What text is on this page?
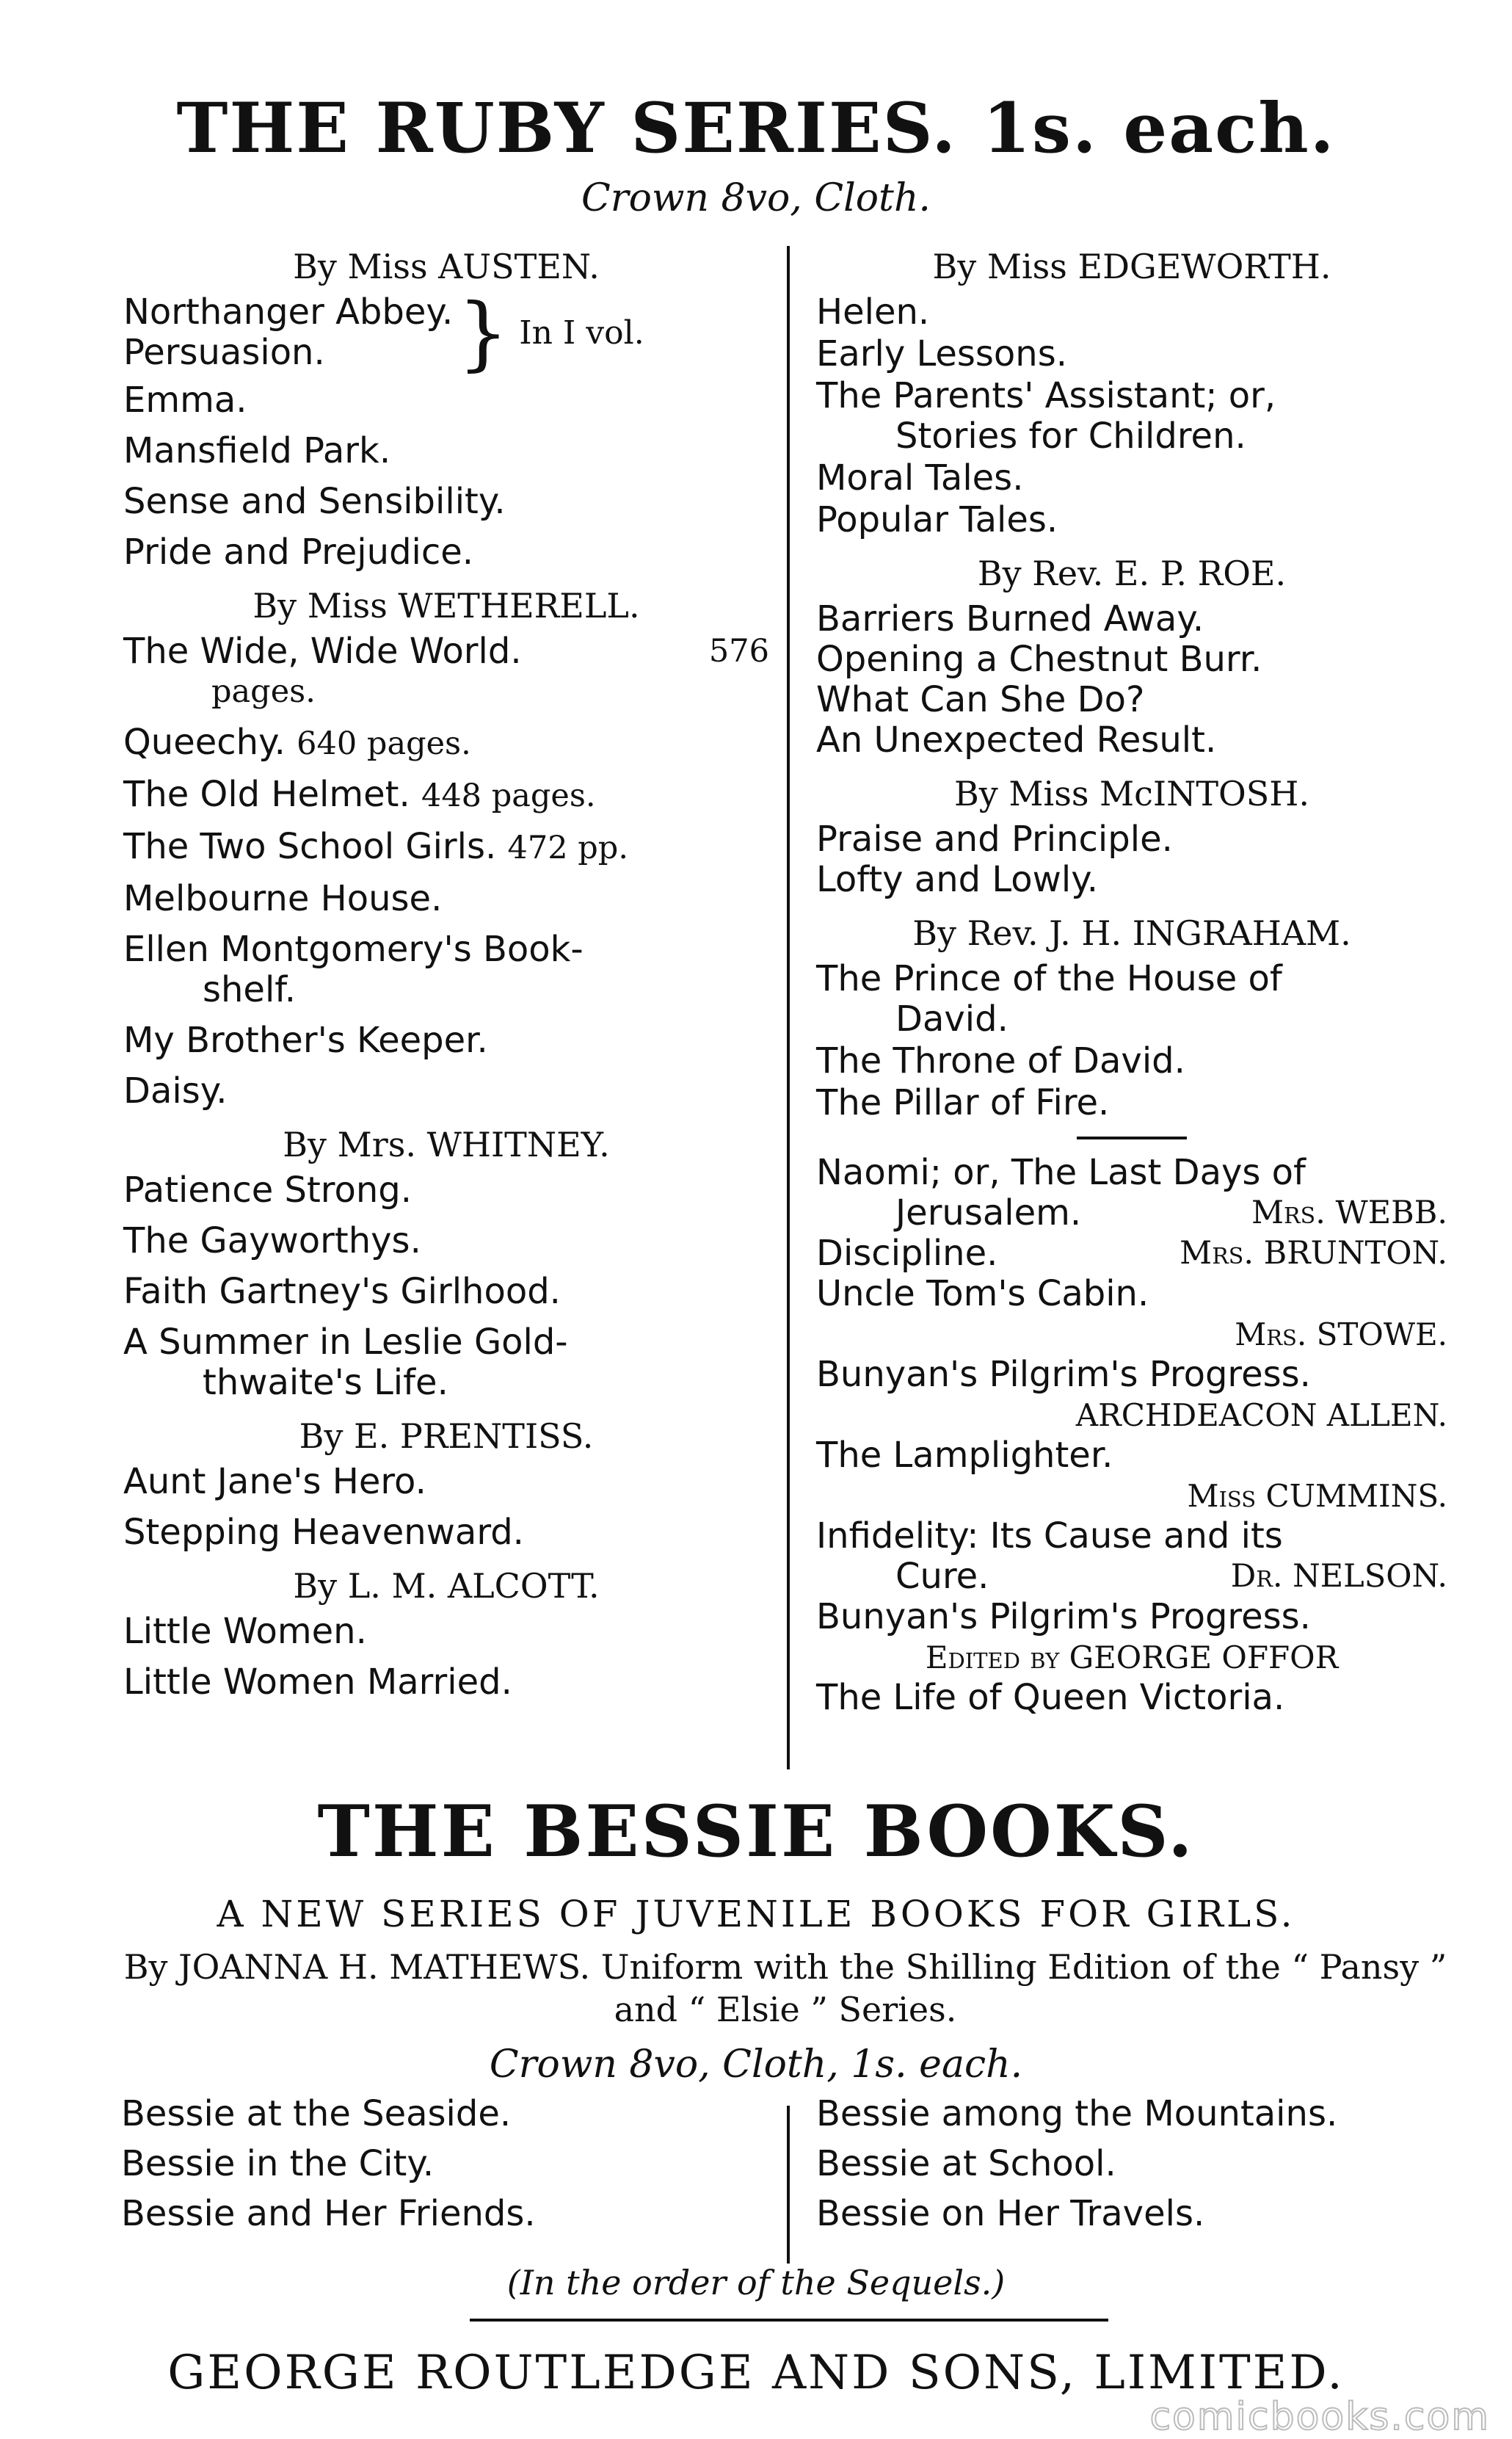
THE RUBY SERIES. 1s. each.
Crown 8vo, Cloth.
By Miss AUSTEN.
Northanger Abbey.
Persuasion.	} In I vol.
Emma.
Mansfield Park.
Sense and Sensibility.
Pride and Prejudice.
By Miss WETHERELL.
The Wide, Wide World.	576
pages.
Queechy. 640 pages.
The Old Helmet. 448 pages.
The Two School Girls. 472 pp.
Melbourne House.
Ellen Montgomery's Book-
shelf.
My Brother's Keeper.
Daisy.
By Mrs. WHITNEY.
Patience Strong.
The Gayworthys.
Faith Gartney's Girlhood.
A Summer in Leslie Gold-
thwaite's Life.
By E. PRENTISS.
Aunt Jane's Hero.
Stepping Heavenward.
By L. M. ALCOTT.
Little Women.
Little Women Married.
By Miss EDGEWORTH.
Helen.
Early Lessons.
The Parents' Assistant; or,
Stories for Children.
Moral Tales.
Popular Tales.
By Rev. E. P. ROE.
Barriers Burned Away.
Opening a Chestnut Burr.
What Can She Do?
An Unexpected Result.
By Miss McINTOSH.
Praise and Principle.
Lofty and Lowly.
By Rev. J. H. INGRAHAM.
The Prince of the House of
David.
The Throne of David.
The Pillar of Fire.
Naomi; or, The Last Days of
Jerusalem.	Mrs. WEBB.
Discipline.	Mrs. BRUNTON.
Uncle Tom's Cabin.
Mrs. STOWE.
Bunyan's Pilgrim's Progress.
ARCHDEACON ALLEN.
The Lamplighter.
Miss CUMMINS.
Infidelity: Its Cause and its
Cure.	Dr. NELSON.
Bunyan's Pilgrim's Progress.
Edited by GEORGE OFFOR
The Life of Queen Victoria.
THE BESSIE BOOKS.
A NEW SERIES OF JUVENILE BOOKS FOR GIRLS.
By JOANNA H. MATHEWS. Uniform with the Shilling Edition of the “ Pansy ” and “ Elsie ” Series.
Crown 8vo, Cloth, 1s. each.
Bessie at the Seaside.
Bessie in the City.
Bessie and Her Friends.
Bessie among the Mountains.
Bessie at School.
Bessie on Her Travels.
(In the order of the Sequels.)
GEORGE ROUTLEDGE AND SONS, LIMITED.
comicbooks.com
